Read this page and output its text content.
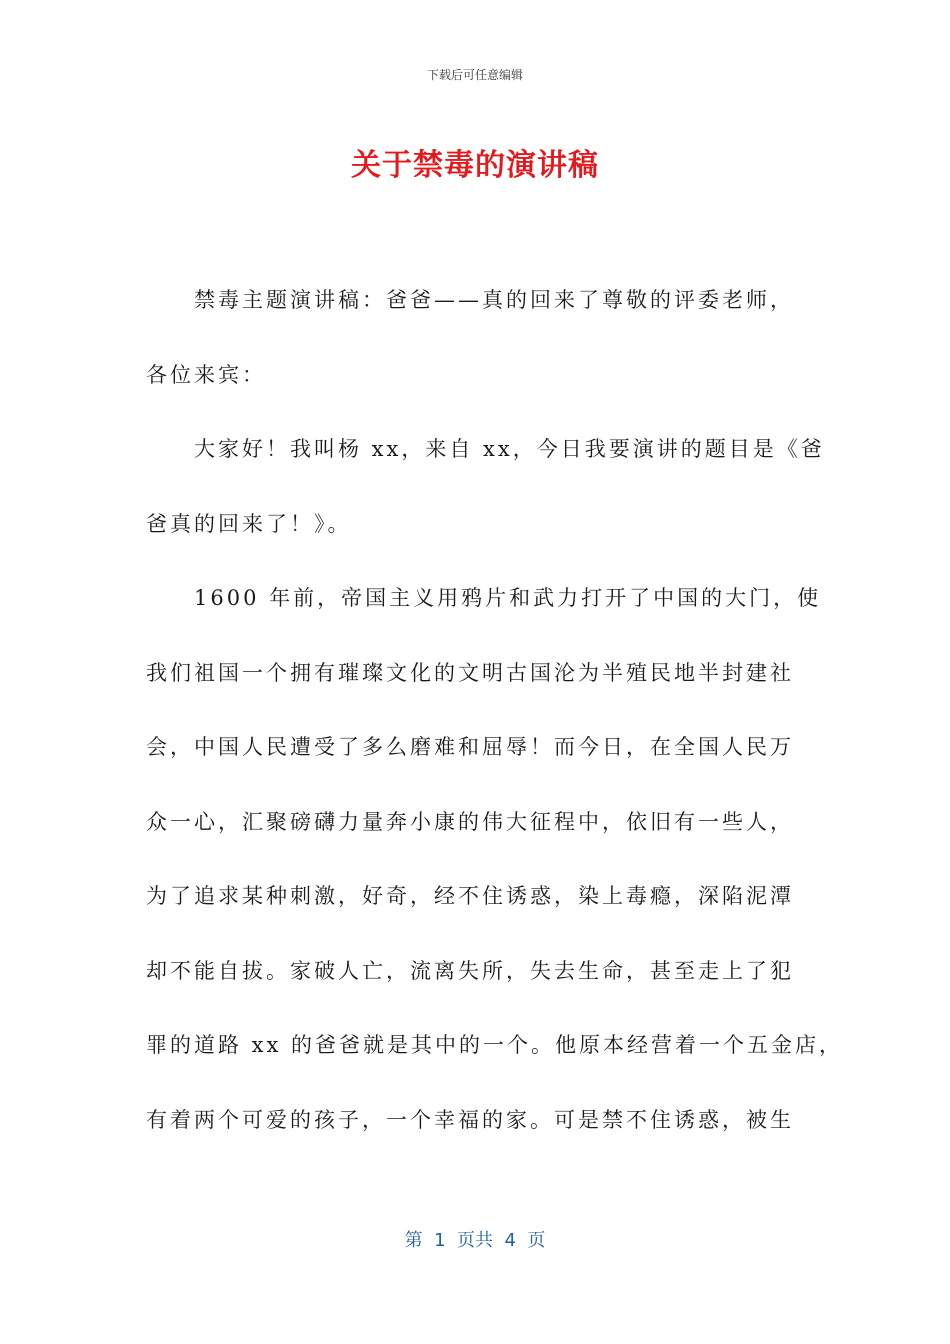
下载后可任意编辑
关于禁毒的演讲稿
禁毒主题演讲稿：爸爸——真的回来了尊敬的评委老师，
各位来宾：
大家好！我叫杨 xx，来自 xx，今日我要演讲的题目是《爸
爸真的回来了！》。
1600 年前，帝国主义用鸦片和武力打开了中国的大门，使
我们祖国一个拥有璀璨文化的文明古国沦为半殖民地半封建社
会，中国人民遭受了多么磨难和屈辱！而今日，在全国人民万
众一心，汇聚磅礴力量奔小康的伟大征程中，依旧有一些人，
为了追求某种刺激，好奇，经不住诱惑，染上毒瘾，深陷泥潭
却不能自拔。家破人亡，流离失所，失去生命，甚至走上了犯
罪的道路 xx 的爸爸就是其中的一个。他原本经营着一个五金店，
有着两个可爱的孩子，一个幸福的家。可是禁不住诱惑，被生
第  1  页共  4  页
